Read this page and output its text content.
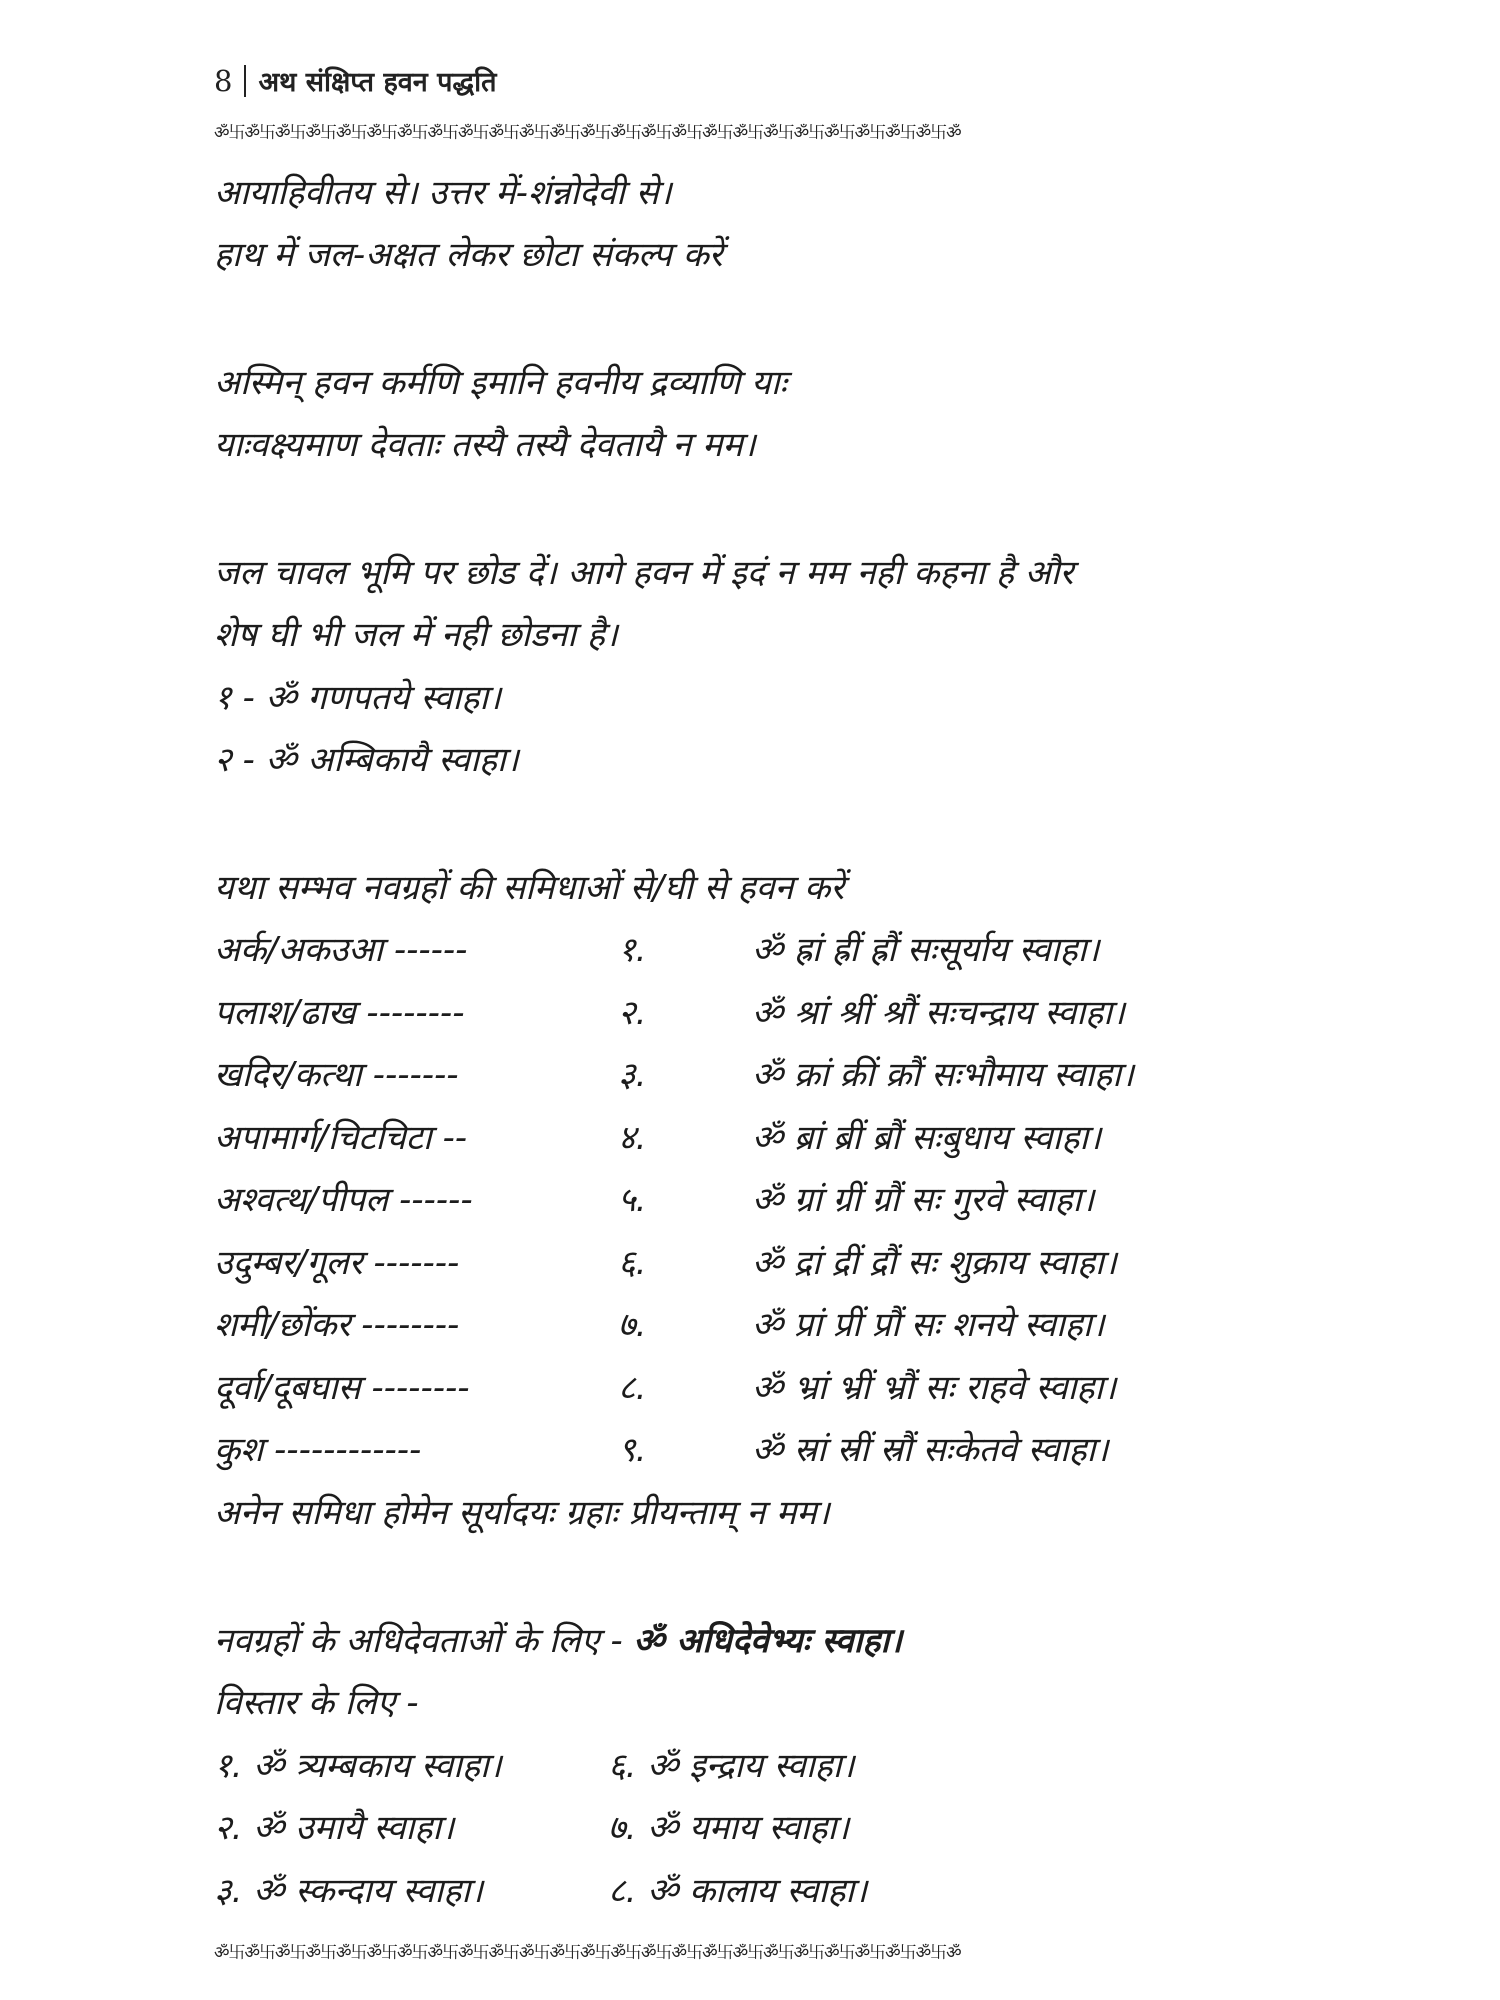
8 अथ संक्षिप्त हवन पद्धति
ॐ卐ॐ卐ॐ卐ॐ卐ॐ卐ॐ卐ॐ卐ॐ卐ॐ卐ॐ卐ॐ卐ॐ卐ॐ卐ॐ卐ॐ卐ॐ卐ॐ卐ॐ卐ॐ卐ॐ卐ॐ卐ॐ卐ॐ卐ॐ卐ॐ
आयाहिवीतय से। उत्तर में-शंन्नोदेवी से।
हाथ में जल-अक्षत लेकर छोटा संकल्प करें
अस्मिन् हवन कर्मणि इमानि हवनीय द्रव्याणि याः
याःवक्ष्यमाण देवताः तस्यै तस्यै देवतायै न मम।
जल चावल भूमि पर छोड दें। आगे हवन में इदं न मम नही कहना है और
शेष घी भी जल में नही छोडना है।
१ - ॐ गणपतये स्वाहा।
२ - ॐ अम्बिकायै स्वाहा।
यथा सम्भव नवग्रहों की समिधाओं से/घी से हवन करें
अर्क/अकउआ ------	१.	ॐ ह्रां ह्रीं ह्रौं सःसूर्याय स्वाहा।
पलाश/ढाख --------	२.	ॐ श्रां श्रीं श्रौं सःचन्द्राय स्वाहा।
खदिर/कत्था -------	३.	ॐ क्रां क्रीं क्रौं सःभौमाय स्वाहा।
अपामार्ग/चिटचिटा --	४.	ॐ ब्रां ब्रीं ब्रौं सःबुधाय स्वाहा।
अश्वत्थ/पीपल ------	५.	ॐ ग्रां ग्रीं ग्रौं सः गुरवे स्वाहा।
उदुम्बर/गूलर -------	६.	ॐ द्रां द्रीं द्रौं सः शुक्राय स्वाहा।
शमी/छोंकर --------	७.	ॐ प्रां प्रीं प्रौं सः शनये स्वाहा।
दूर्वा/दूबघास --------	८.	ॐ भ्रां भ्रीं भ्रौं सः राहवे स्वाहा।
कुश ------------	९.	ॐ स्रां स्रीं स्रौं सःकेतवे स्वाहा।
अनेन समिधा होमेन सूर्यादयः ग्रहाः प्रीयन्ताम् न मम।
नवग्रहों के अधिदेवताओं के लिए - ॐ अधिदेवेभ्यः स्वाहा।
विस्तार के लिए -
१. ॐ त्र्यम्बकाय स्वाहा।	६. ॐ इन्द्राय स्वाहा।
२. ॐ उमायै स्वाहा।	७. ॐ यमाय स्वाहा।
३. ॐ स्कन्दाय स्वाहा।	८. ॐ कालाय स्वाहा।
ॐ卐ॐ卐ॐ卐ॐ卐ॐ卐ॐ卐ॐ卐ॐ卐ॐ卐ॐ卐ॐ卐ॐ卐ॐ卐ॐ卐ॐ卐ॐ卐ॐ卐ॐ卐ॐ卐ॐ卐ॐ卐ॐ卐ॐ卐ॐ卐ॐ
